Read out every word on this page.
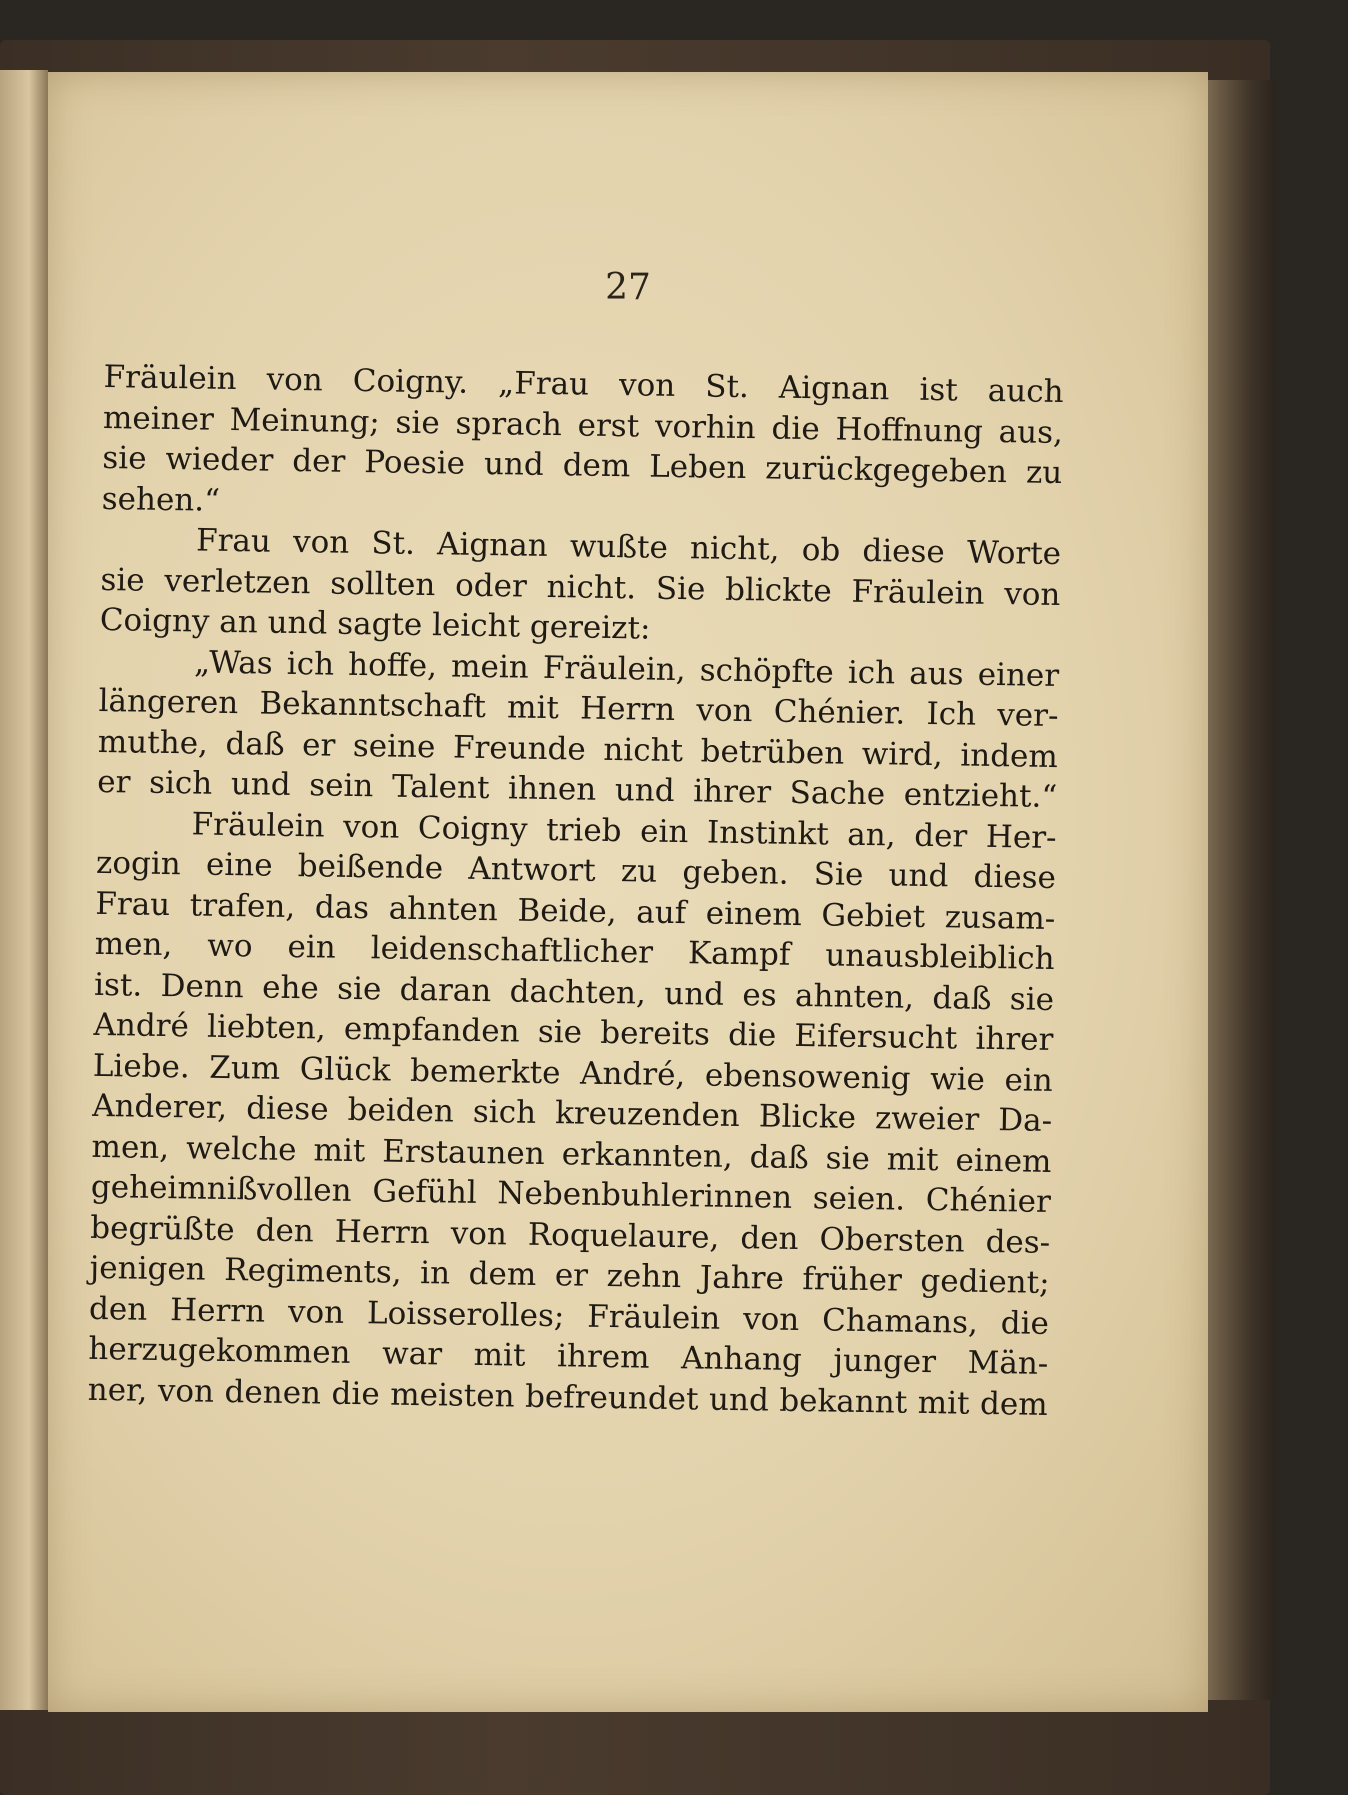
27
Fräulein von Coigny. „Frau von St. Aignan ist auch
meiner Meinung; sie sprach erst vorhin die Hoffnung aus,
sie wieder der Poesie und dem Leben zurückgegeben zu
sehen.“
Frau von St. Aignan wußte nicht, ob diese Worte
sie verletzen sollten oder nicht. Sie blickte Fräulein von
Coigny an und sagte leicht gereizt:
„Was ich hoffe, mein Fräulein, schöpfte ich aus einer
längeren Bekanntschaft mit Herrn von Chénier. Ich ver-
muthe, daß er seine Freunde nicht betrüben wird, indem
er sich und sein Talent ihnen und ihrer Sache entzieht.“
Fräulein von Coigny trieb ein Instinkt an, der Her-
zogin eine beißende Antwort zu geben. Sie und diese
Frau trafen, das ahnten Beide, auf einem Gebiet zusam-
men, wo ein leidenschaftlicher Kampf unausbleiblich
ist. Denn ehe sie daran dachten, und es ahnten, daß sie
André liebten, empfanden sie bereits die Eifersucht ihrer
Liebe. Zum Glück bemerkte André, ebensowenig wie ein
Anderer, diese beiden sich kreuzenden Blicke zweier Da-
men, welche mit Erstaunen erkannten, daß sie mit einem
geheimnißvollen Gefühl Nebenbuhlerinnen seien. Chénier
begrüßte den Herrn von Roquelaure, den Obersten des-
jenigen Regiments, in dem er zehn Jahre früher gedient;
den Herrn von Loisserolles; Fräulein von Chamans, die
herzugekommen war mit ihrem Anhang junger Män-
ner, von denen die meisten befreundet und bekannt mit dem
